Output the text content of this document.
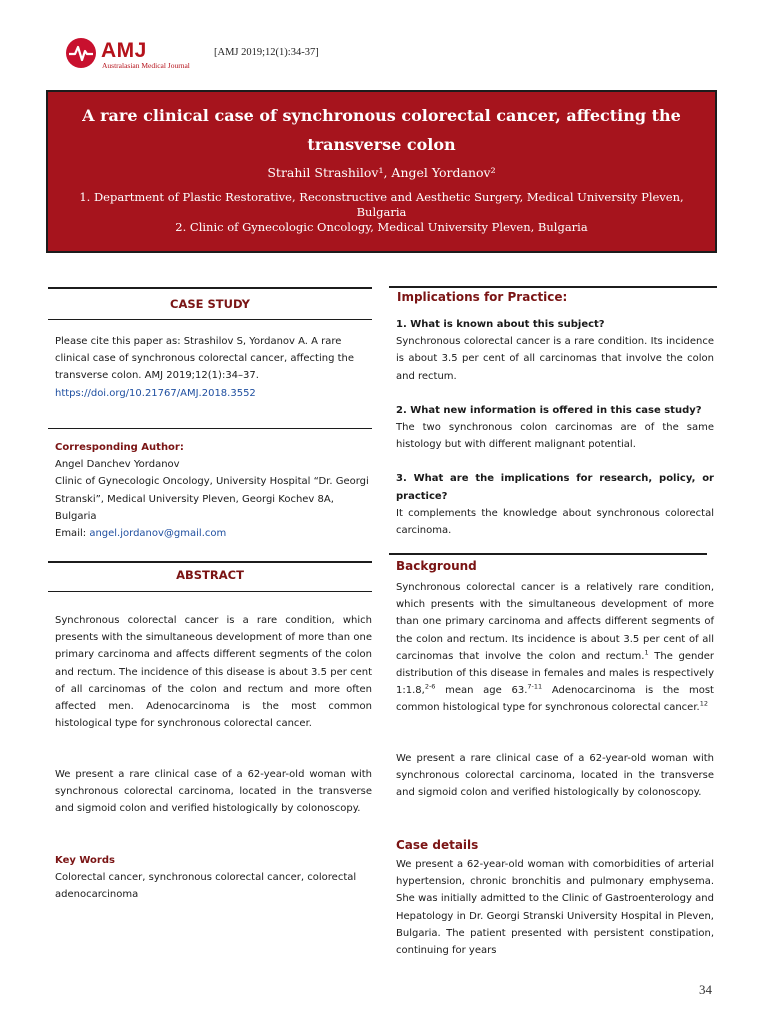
AMJ
Australasian Medical Journal
[AMJ 2019;12(1):34-37]
A rare clinical case of synchronous colorectal cancer, affecting the transverse colon
Strahil Strashilov¹, Angel Yordanov²
1. Department of Plastic Restorative, Reconstructive and Aesthetic Surgery, Medical University Pleven, Bulgaria
2. Clinic of Gynecologic Oncology, Medical University Pleven, Bulgaria
CASE STUDY
Please cite this paper as: Strashilov S, Yordanov A. A rare clinical case of synchronous colorectal cancer, affecting the transverse colon. AMJ 2019;12(1):34–37.
https://doi.org/10.21767/AMJ.2018.3552
Corresponding Author:
Angel Danchev Yordanov
Clinic of Gynecologic Oncology, University Hospital “Dr. Georgi Stranski”, Medical University Pleven, Georgi Kochev 8A, Bulgaria
Email: angel.jordanov@gmail.com
ABSTRACT
Synchronous colorectal cancer is a rare condition, which presents with the simultaneous development of more than one primary carcinoma and affects different segments of the colon and rectum. The incidence of this disease is about 3.5 per cent of all carcinomas of the colon and rectum and more often affected men. Adenocarcinoma is the most common histological type for synchronous colorectal cancer.
We present a rare clinical case of a 62-year-old woman with synchronous colorectal carcinoma, located in the transverse and sigmoid colon and verified histologically by colonoscopy.
Key Words
Colorectal cancer, synchronous colorectal cancer, colorectal adenocarcinoma
Implications for Practice:
1. What is known about this subject?
Synchronous colorectal cancer is a rare condition. Its incidence is about 3.5 per cent of all carcinomas that involve the colon and rectum.
2. What new information is offered in this case study?
The two synchronous colon carcinomas are of the same histology but with different malignant potential.
3. What are the implications for research, policy, or practice?
It complements the knowledge about synchronous colorectal carcinoma.
Background
Synchronous colorectal cancer is a relatively rare condition, which presents with the simultaneous development of more than one primary carcinoma and affects different segments of the colon and rectum. Its incidence is about 3.5 per cent of all carcinomas that involve the colon and rectum.$^1$ The gender distribution of this disease in females and males is respectively 1:1.8,$^{2-6}$ mean age 63.$^{7-11}$ Adenocarcinoma is the most common histological type for synchronous colorectal cancer.$^{12}$
We present a rare clinical case of a 62-year-old woman with synchronous colorectal carcinoma, located in the transverse and sigmoid colon and verified histologically by colonoscopy.
Case details
We present a 62-year-old woman with comorbidities of arterial hypertension, chronic bronchitis and pulmonary emphysema. She was initially admitted to the Clinic of Gastroenterology and Hepatology in Dr. Georgi Stranski University Hospital in Pleven, Bulgaria. The patient presented with persistent constipation, continuing for years
34
